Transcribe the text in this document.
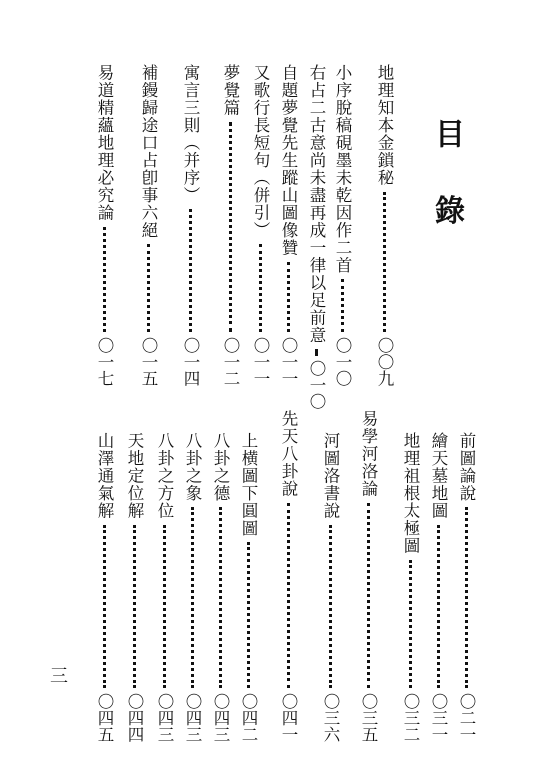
目 錄
地理知本金鎖秘
〇〇九
小序脫稿硯墨未乾因作二首
〇一〇
右占二古意尚未盡再成一律以足前意
〇一〇
自題夢覺先生蹤山圖像贊
〇一一
又歌行長短句（併引）
〇一一
夢覺篇
〇一二
寓言三則（并序）
〇一四
補鏝歸途口占卽事六絕
〇一五
易道精蘊地理必究論
〇一七
前圖論說
〇二一
繪天墓地圖
〇三一
地理祖根太極圖
〇三二
易學河洛論
〇三五
河圖洛書說
〇三六
先天八卦說
〇四一
上横圖下圓圖
〇四二
八卦之德
〇四三
八卦之象
〇四三
八卦之方位
〇四三
天地定位解
〇四四
山澤通氣解
〇四五
三
